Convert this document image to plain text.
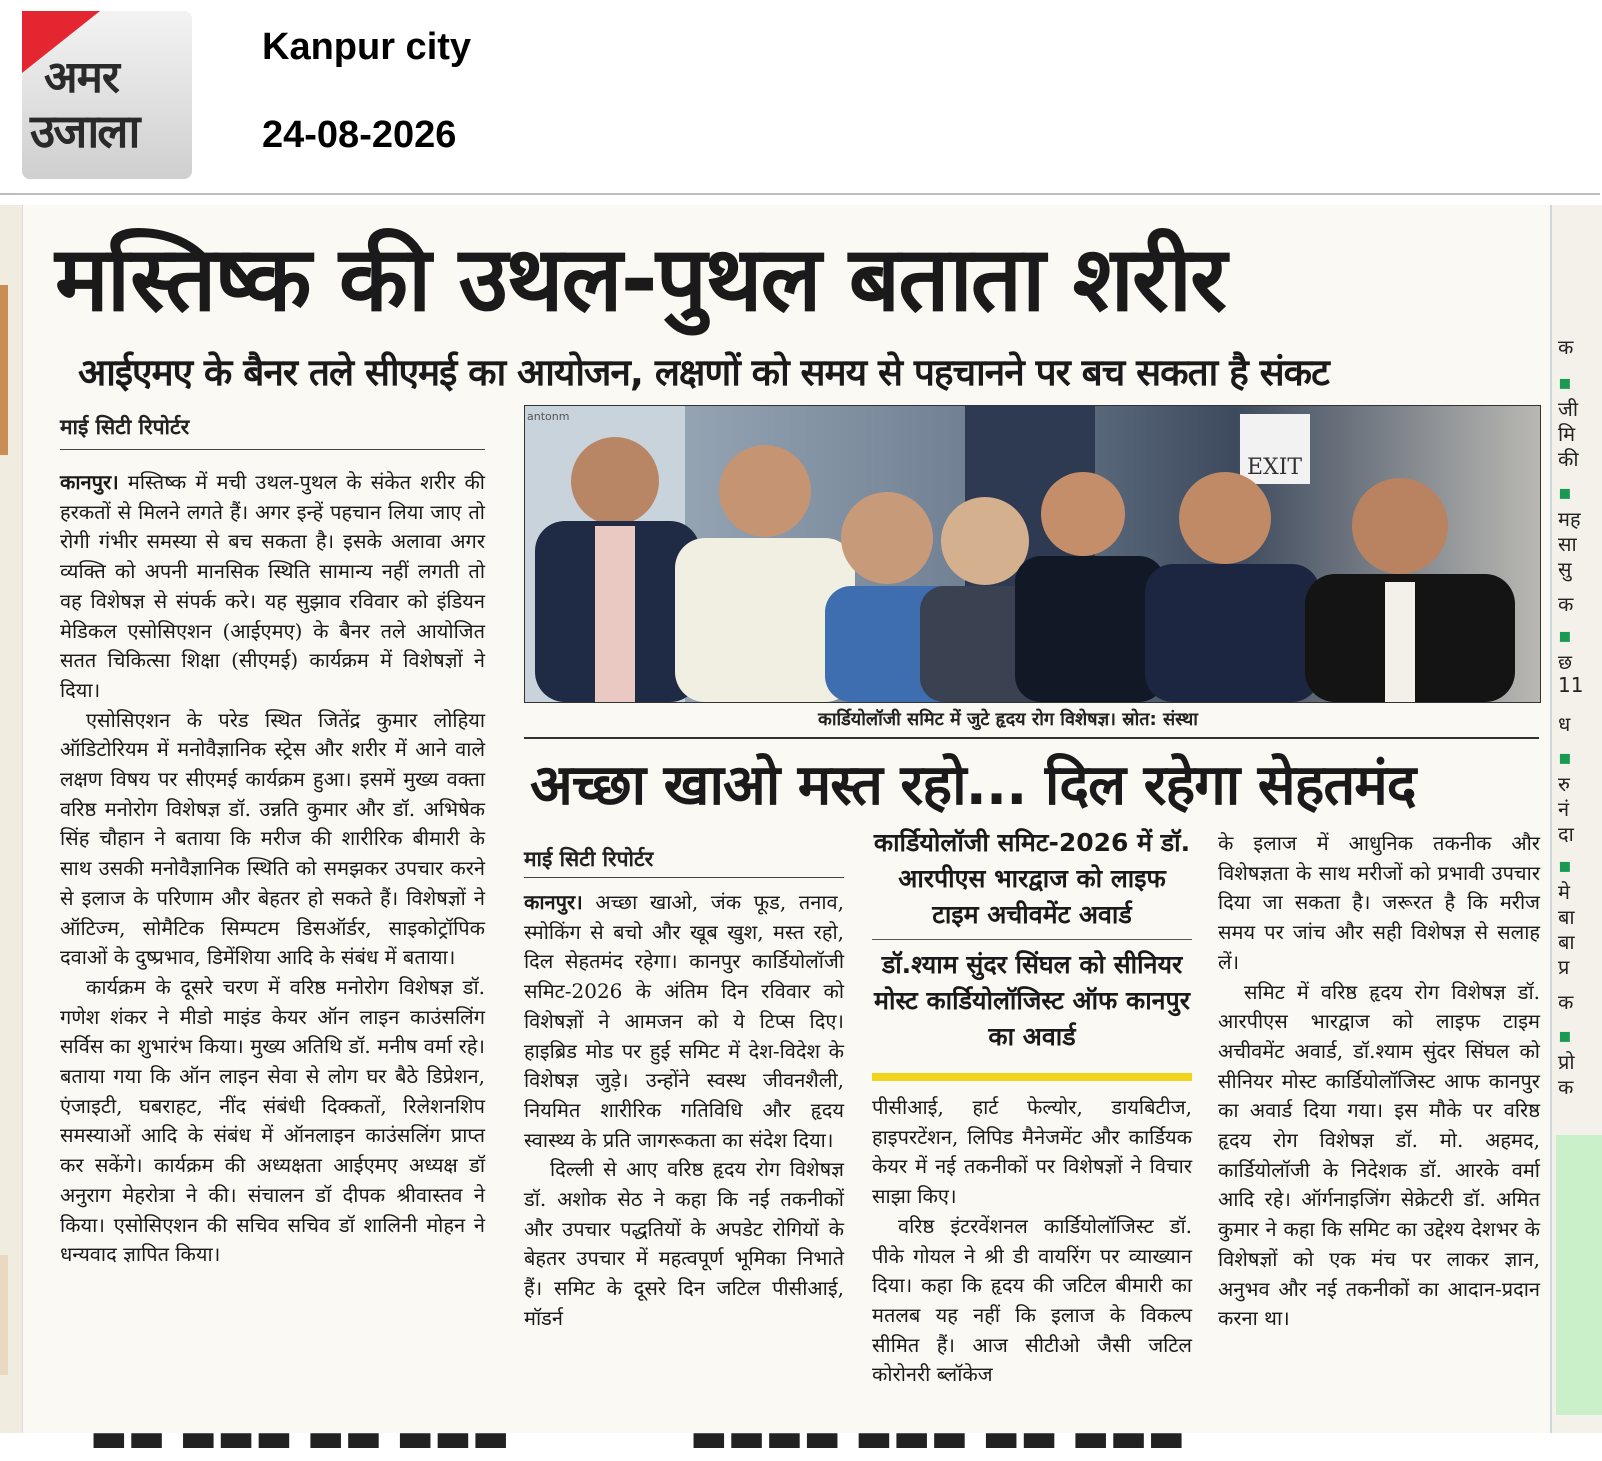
अमर
उजाला
Kanpur city
24-08-2026
मस्तिष्क की उथल-पुथल बताता शरीर
आईएमए के बैनर तले सीएमई का आयोजन, लक्षणों को समय से पहचानने पर बच सकता है संकट
माई सिटी रिपोर्टर

कानपुर। मस्तिष्क में मची उथल-पुथल के संकेत शरीर की हरकतों से मिलने लगते हैं। अगर इन्हें पहचान लिया जाए तो रोगी गंभीर समस्या से बच सकता है। इसके अलावा अगर व्यक्ति को अपनी मानसिक स्थिति सामान्य नहीं लगती तो वह विशेषज्ञ से संपर्क करे। यह सुझाव रविवार को इंडियन मेडिकल एसोसिएशन (आईएमए) के बैनर तले आयोजित सतत चिकित्सा शिक्षा (सीएमई) कार्यक्रम में विशेषज्ञों ने दिया।

एसोसिएशन के परेड स्थित जितेंद्र कुमार लोहिया ऑडिटोरियम में मनोवैज्ञानिक स्ट्रेस और शरीर में आने वाले लक्षण विषय पर सीएमई कार्यक्रम हुआ। इसमें मुख्य वक्ता वरिष्ठ मनोरोग विशेषज्ञ डॉ. उन्नति कुमार और डॉ. अभिषेक सिंह चौहान ने बताया कि मरीज की शारीरिक बीमारी के साथ उसकी मनोवैज्ञानिक स्थिति को समझकर उपचार करने से इलाज के परिणाम और बेहतर हो सकते हैं। विशेषज्ञों ने ऑटिज्म, सोमैटिक सिम्पटम डिसऑर्डर, साइकोट्रॉपिक दवाओं के दुष्प्रभाव, डिमेंशिया आदि के संबंध में बताया।

कार्यक्रम के दूसरे चरण में वरिष्ठ मनोरोग विशेषज्ञ डॉ. गणेश शंकर ने मीडो माइंड केयर ऑन लाइन काउंसलिंग सर्विस का शुभारंभ किया। मुख्य अतिथि डॉ. मनीष वर्मा रहे। बताया गया कि ऑन लाइन सेवा से लोग घर बैठे डिप्रेशन, एंजाइटी, घबराहट, नींद संबंधी दिक्कतों, रिलेशनशिप समस्याओं आदि के संबंध में ऑनलाइन काउंसलिंग प्राप्त कर सकेंगे। कार्यक्रम की अध्यक्षता आईएमए अध्यक्ष डॉ अनुराग मेहरोत्रा ने की। संचालन डॉ दीपक श्रीवास्तव ने किया। एसोसिएशन की सचिव सचिव डॉ शालिनी मोहन ने धन्यवाद ज्ञापित किया।

EXIT
antonm
कार्डियोलॉजी समिट में जुटे हृदय रोग विशेषज्ञ। स्रोत: संस्था
अच्छा खाओ मस्त रहो... दिल रहेगा सेहतमंद
माई सिटी रिपोर्टर

कानपुर। अच्छा खाओ, जंक फूड, तनाव, स्मोकिंग से बचो और खूब खुश, मस्त रहो, दिल सेहतमंद रहेगा। कानपुर कार्डियोलॉजी समिट-2026 के अंतिम दिन रविवार को विशेषज्ञों ने आमजन को ये टिप्स दिए। हाइब्रिड मोड पर हुई समिट में देश-विदेश के विशेषज्ञ जुड़े। उन्होंने स्वस्थ जीवनशैली, नियमित शारीरिक गतिविधि और हृदय स्वास्थ्य के प्रति जागरूकता का संदेश दिया।

दिल्ली से आए वरिष्ठ हृदय रोग विशेषज्ञ डॉ. अशोक सेठ ने कहा कि नई तकनीकों और उपचार पद्धतियों के अपडेट रोगियों के बेहतर उपचार में महत्वपूर्ण भूमिका निभाते हैं। समिट के दूसरे दिन जटिल पीसीआई, मॉडर्न

कार्डियोलॉजी समिट-2026 में डॉ. आरपीएस भारद्वाज को लाइफ टाइम अचीवमेंट अवार्ड
डॉ.श्याम सुंदर सिंघल को सीनियर मोस्ट कार्डियोलॉजिस्ट ऑफ कानपुर का अवार्ड

पीसीआई, हार्ट फेल्योर, डायबिटीज, हाइपरटेंशन, लिपिड मैनेजमेंट और कार्डियक केयर में नई तकनीकों पर विशेषज्ञों ने विचार साझा किए।

वरिष्ठ इंटरवेंशनल कार्डियोलॉजिस्ट डॉ. पीके गोयल ने श्री डी वायरिंग पर व्याख्यान दिया। कहा कि हृदय की जटिल बीमारी का मतलब यह नहीं कि इलाज के विकल्प सीमित हैं। आज सीटीओ जैसी जटिल कोरोनरी ब्लॉकेज

के इलाज में आधुनिक तकनीक और विशेषज्ञता के साथ मरीजों को प्रभावी उपचार दिया जा सकता है। जरूरत है कि मरीज समय पर जांच और सही विशेषज्ञ से सलाह लें।

समिट में वरिष्ठ हृदय रोग विशेषज्ञ डॉ. आरपीएस भारद्वाज को लाइफ टाइम अचीवमेंट अवार्ड, डॉ.श्याम सुंदर सिंघल को सीनियर मोस्ट कार्डियोलॉजिस्ट आफ कानपुर का अवार्ड दिया गया। इस मौके पर वरिष्ठ हृदय रोग विशेषज्ञ डॉ. मो. अहमद, कार्डियोलॉजी के निदेशक डॉ. आरके वर्मा आदि रहे। ऑर्गनाइजिंग सेक्रेटरी डॉ. अमित कुमार ने कहा कि समिट का उद्देश्य देशभर के विशेषज्ञों को एक मंच पर लाकर ज्ञान, अनुभव और नई तकनीकों का आदान-प्रदान करना था।

▬▬ ▬▬▬ ▬▬ ▬▬▬	▬▬▬▬ ▬▬▬ ▬▬ ▬▬▬
क
▪
जी
मि
की
▪
मह
सा
सु
क
▪
छ
11
ध
▪
रु
नं
दा
▪
मे
बा
बा
प्र
क
▪
प्रो
क
